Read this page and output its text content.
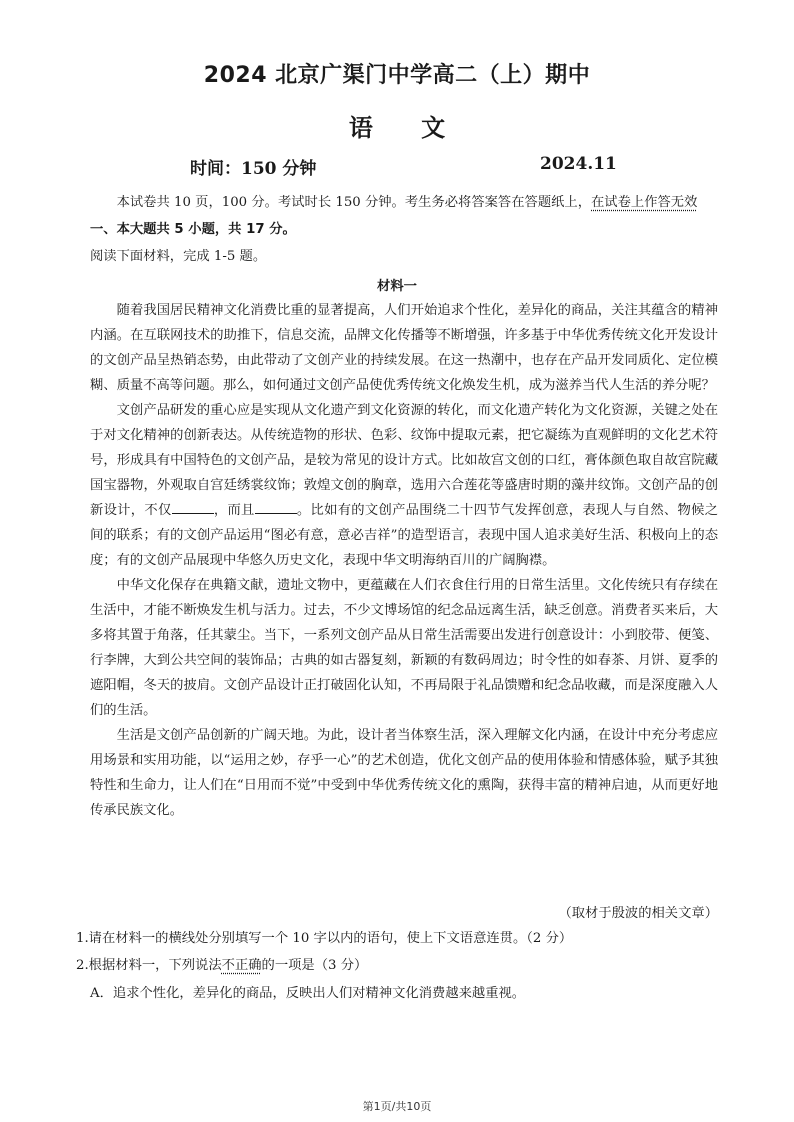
2024 北京广渠门中学高二（上）期中
语 文
时间：150 分钟	2024.11
本试卷共 10 页，100 分。考试时长 150 分钟。考生务必将答案答在答题纸上，在试卷上作答无效
一、本大题共 5 小题，共 17 分。
阅读下面材料，完成 1-5 题。
材料一

随着我国居民精神文化消费比重的显著提高，人们开始追求个性化，差异化的商品，关注其蕴含的精神内涵。在互联网技术的助推下，信息交流，品牌文化传播等不断增强，许多基于中华优秀传统文化开发设计的文创产品呈热销态势，由此带动了文创产业的持续发展。在这一热潮中，也存在产品开发同质化、定位模糊、质量不高等问题。那么，如何通过文创产品使优秀传统文化焕发生机，成为滋养当代人生活的养分呢？

文创产品研发的重心应是实现从文化遗产到文化资源的转化，而文化遗产转化为文化资源，关键之处在于对文化精神的创新表达。从传统造物的形状、色彩、纹饰中提取元素，把它凝练为直观鲜明的文化艺术符号，形成具有中国特色的文创产品，是较为常见的设计方式。比如故宫文创的口红，膏体颜色取自故宫院藏国宝器物，外观取自宫廷绣裳纹饰；敦煌文创的胸章，选用六合莲花等盛唐时期的藻井纹饰。文创产品的创新设计，不仅	，而且	。比如有的文创产品围绕二十四节气发挥创意，表现人与自然、物候之间的联系；有的文创产品运用“图必有意，意必吉祥”的造型语言，表现中国人追求美好生活、积极向上的态度；有的文创产品展现中华悠久历史文化，表现中华文明海纳百川的广阔胸襟。

中华文化保存在典籍文献，遗址文物中，更蕴藏在人们衣食住行用的日常生活里。文化传统只有存续在生活中，才能不断焕发生机与活力。过去，不少文博场馆的纪念品远离生活，缺乏创意。消费者买来后，大多将其置于角落，任其蒙尘。当下，一系列文创产品从日常生活需要出发进行创意设计：小到胶带、便笺、行李牌，大到公共空间的装饰品；古典的如古器复刻，新颖的有数码周边；时令性的如春茶、月饼、夏季的遮阳帽，冬天的披肩。文创产品设计正打破固化认知，不再局限于礼品馈赠和纪念品收藏，而是深度融入人们的生活。

生活是文创产品创新的广阔天地。为此，设计者当体察生活，深入理解文化内涵，在设计中充分考虑应用场景和实用功能，以“运用之妙，存乎一心”的艺术创造，优化文创产品的使用体验和情感体验，赋予其独特性和生命力，让人们在“日用而不觉”中受到中华优秀传统文化的熏陶，获得丰富的精神启迪，从而更好地传承民族文化。

（取材于殷波的相关文章）
1.请在材料一的横线处分别填写一个 10 字以内的语句，使上下文语意连贯。（2 分）
2.根据材料一，下列说法不正确的一项是（3 分）
A．追求个性化，差异化的商品，反映出人们对精神文化消费越来越重视。
第1页/共10页
